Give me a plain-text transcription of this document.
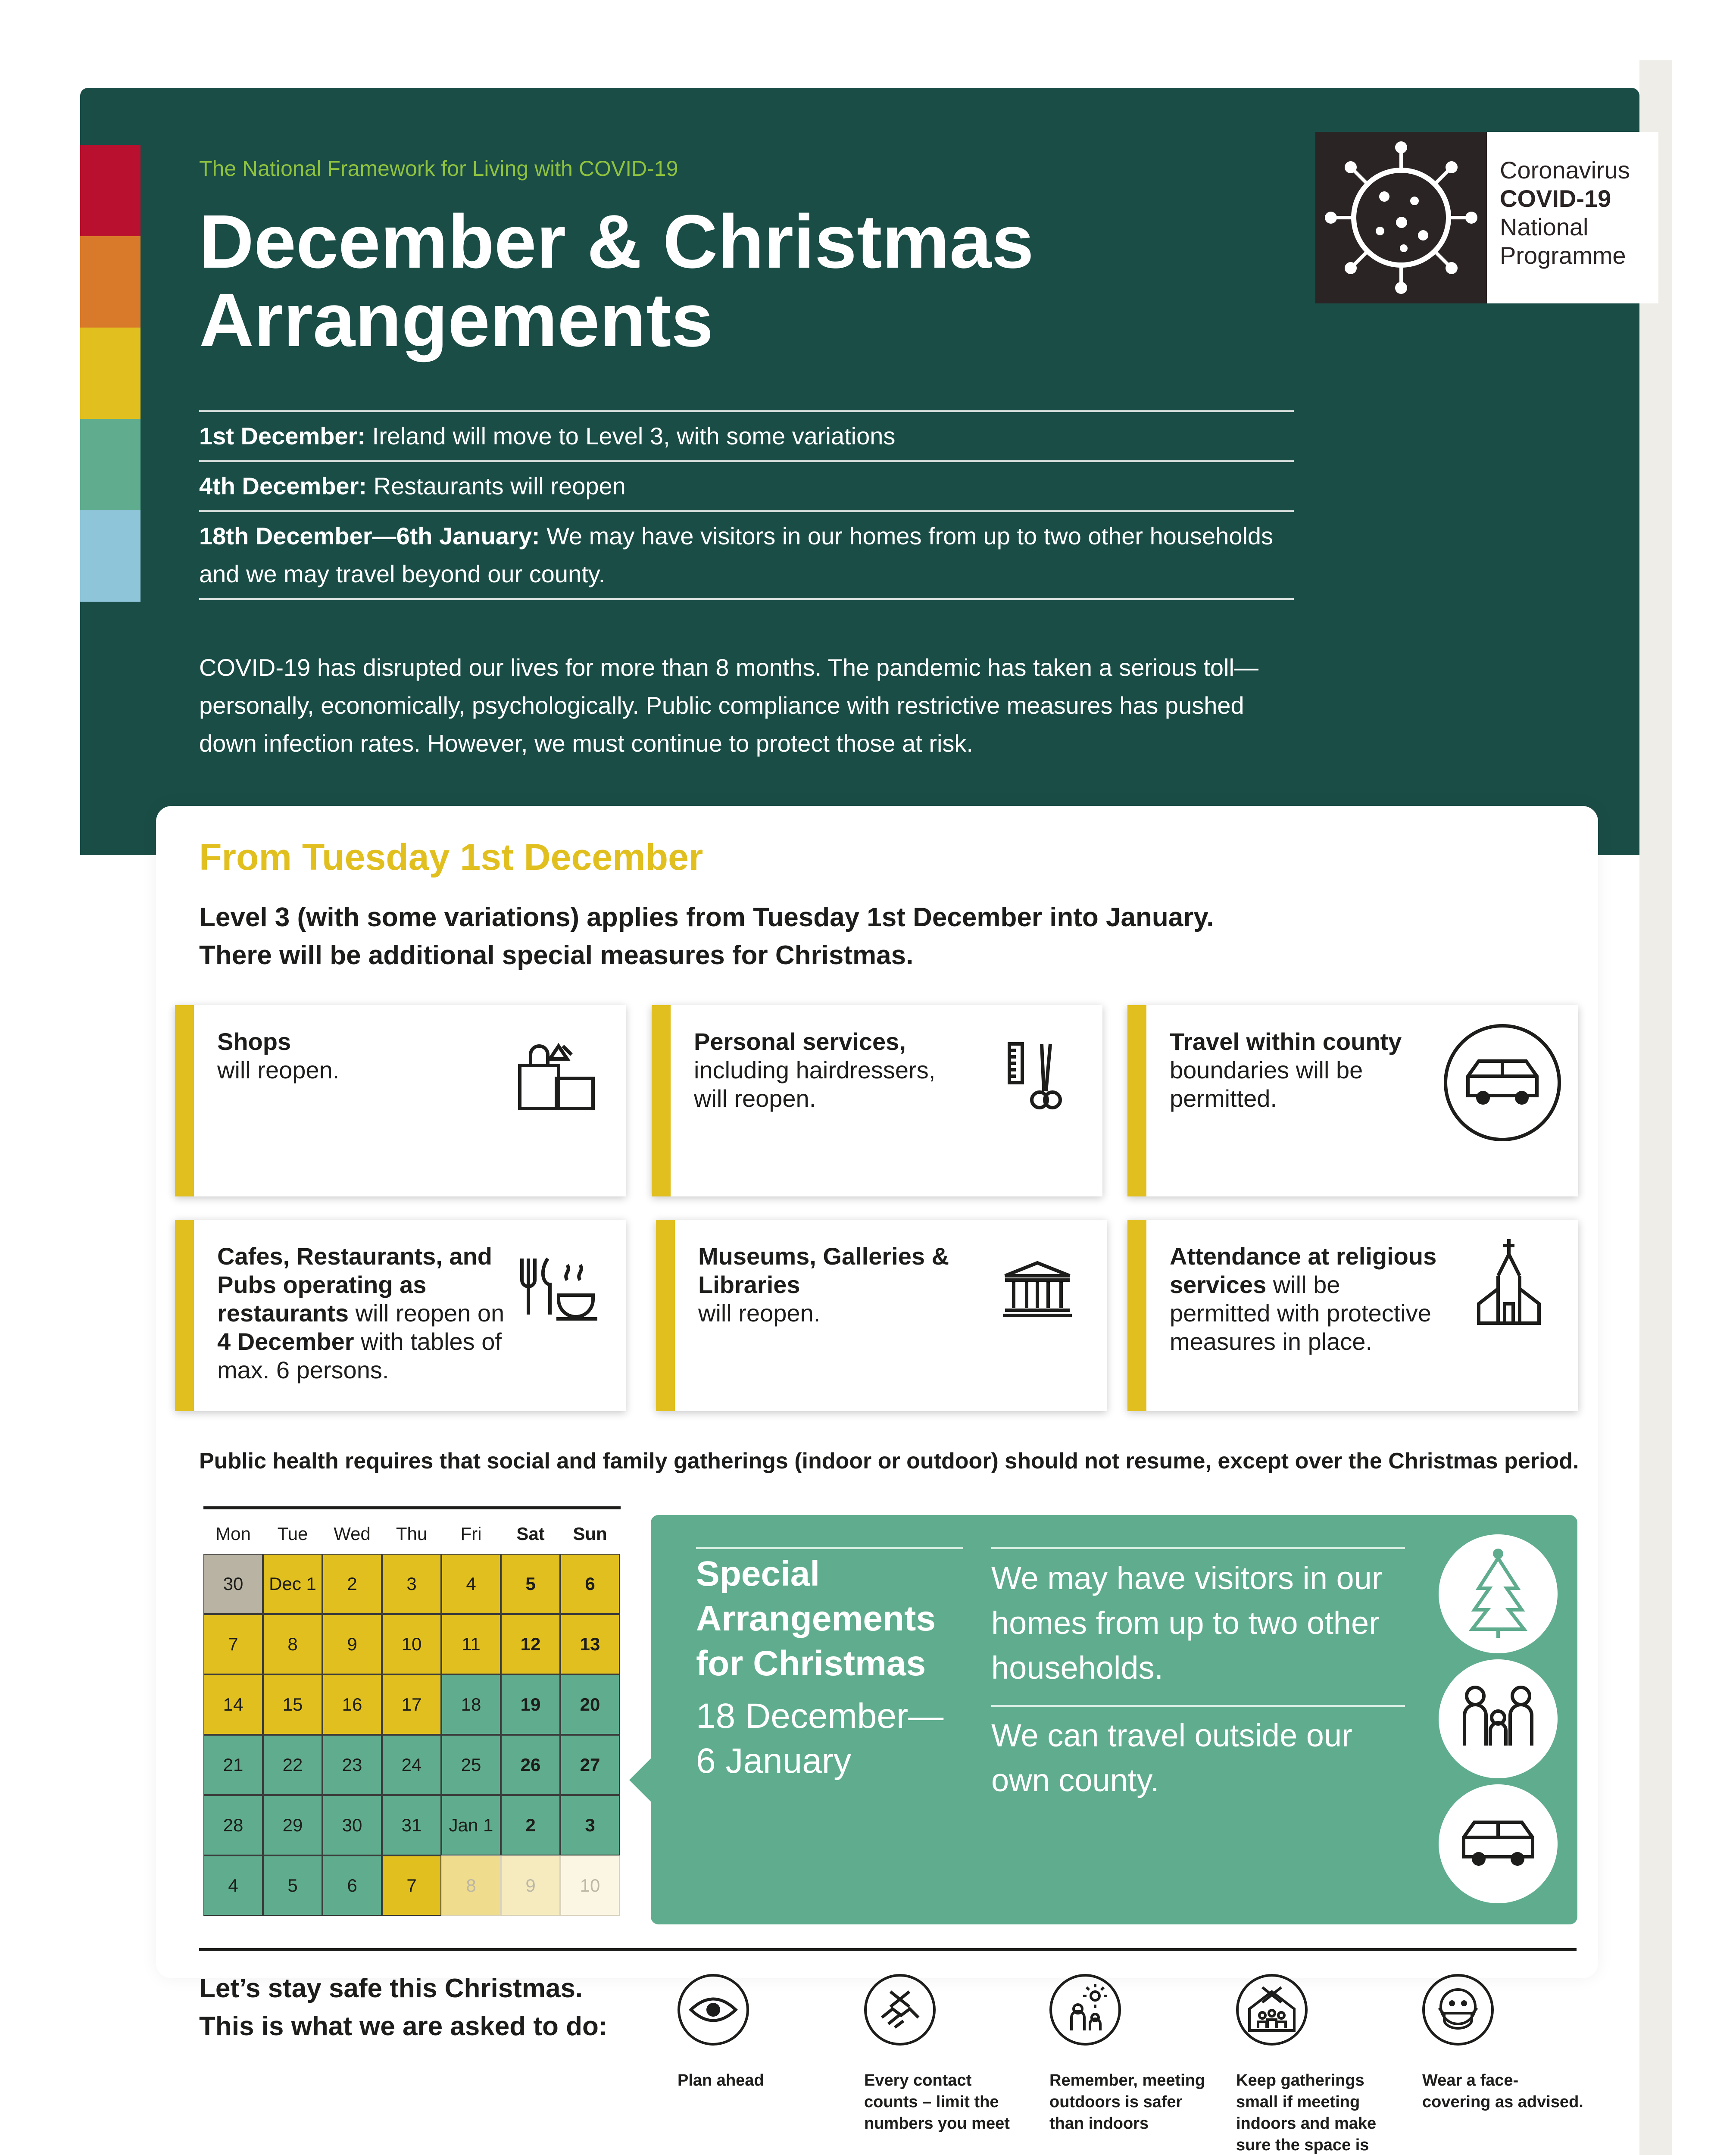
The National Framework for Living with COVID-19
December & Christmas
Arrangements
1st December: Ireland will move to Level 3, with some variations
4th December: Restaurants will reopen
18th December—6th January: We may have visitors in our homes from up to two other households and we may travel beyond our county.
COVID-19 has disrupted our lives for more than 8 months. The pandemic has taken a serious toll—personally, economically, psychologically. Public compliance with restrictive measures has pushed down infection rates. However, we must continue to protect those at risk.
Coronavirus
COVID-19
National
Programme
From Tuesday 1st December
Level 3 (with some variations) applies from Tuesday 1st December into January.
There will be additional special measures for Christmas.
Shops
will reopen.
Personal services,
including hairdressers, will reopen.
Travel within county
boundaries will be permitted.
Cafes, Restaurants, and Pubs operating as restaurants will reopen on 4 December with tables of max. 6 persons.
Museums, Galleries & Libraries
will reopen.
Attendance at religious services will be permitted with protective measures in place.
Public health requires that social and family gatherings (indoor or outdoor) should not resume, except over the Christmas period.
Mon	Tue	Wed	Thu	Fri	Sat	Sun
30	Dec 1	2	3	4	5	6
7	8	9	10	11	12	13
14	15	16	17	18	19	20
21	22	23	24	25	26	27
28	29	30	31	Jan 1	2	3
4	5	6	7	8	9	10
Special
Arrangements
for Christmas
18 December—
6 January
We may have visitors in our homes from up to two other households.
We can travel outside our own county.
Let’s stay safe this Christmas.
This is what we are asked to do:
Plan ahead	Every contact counts – limit the numbers you meet
Remember, meeting outdoors is safer than indoors
Keep gatherings small if meeting indoors and make sure the space is
Wear a face-covering as advised.
